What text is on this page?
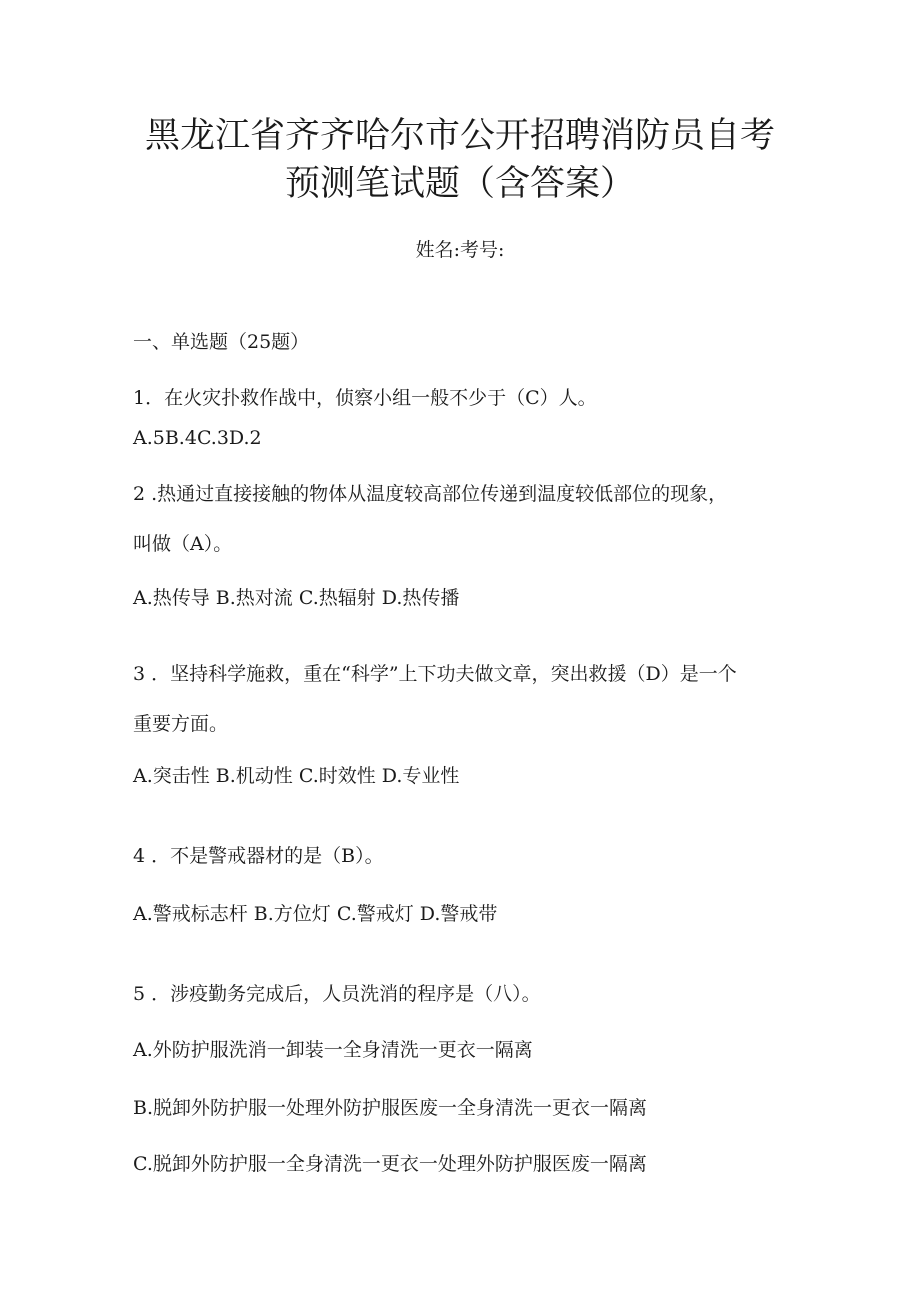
黑龙江省齐齐哈尔市公开招聘消防员自考
预测笔试题（含答案）
姓名:考号:
一、单选题（25题）
1．在火灾扑救作战中，侦察小组一般不少于（C）人。
A.5B.4C.3D.2
2 .热通过直接接触的物体从温度较高部位传递到温度较低部位的现象，
叫做（A）。
A.热传导 B.热对流 C.热辐射 D.热传播
3 ．坚持科学施救，重在“科学”上下功夫做文章，突出救援（D）是一个
重要方面。
A.突击性 B.机动性 C.时效性 D.专业性
4 ．不是警戒器材的是（B）。
A.警戒标志杆 B.方位灯 C.警戒灯 D.警戒带
5 ．涉疫勤务完成后，人员洗消的程序是（八）。
A.外防护服洗消一卸装一全身清洗一更衣一隔离
B.脱卸外防护服一处理外防护服医废一全身清洗一更衣一隔离
C.脱卸外防护服一全身清洗一更衣一处理外防护服医废一隔离
